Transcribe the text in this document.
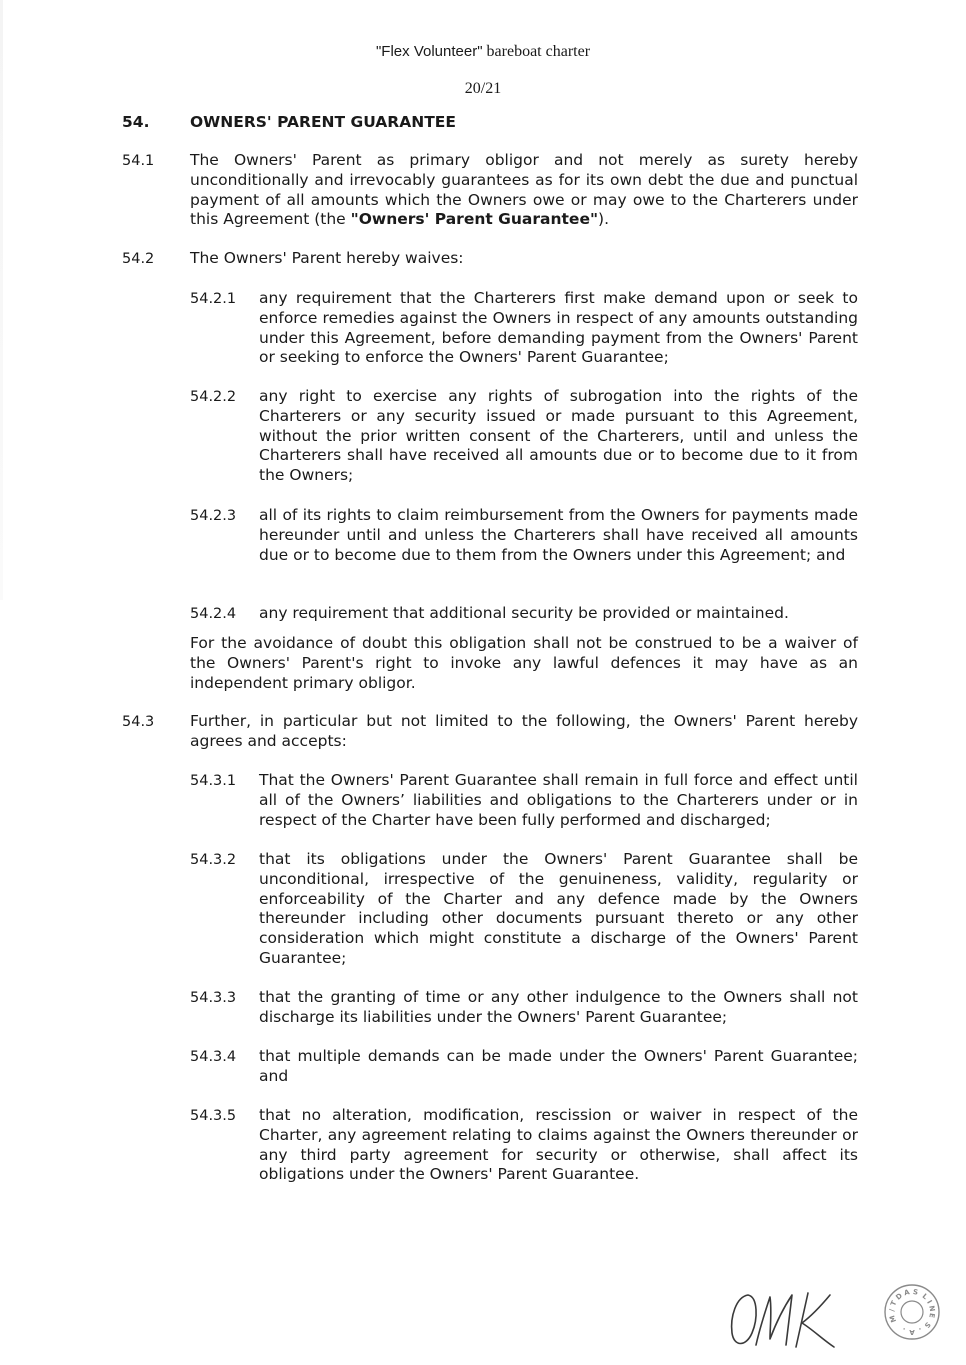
"Flex Volunteer" bareboat charter
20/21
54.	OWNERS' PARENT GUARANTEE
54.1 The Owners' Parent as primary obligor and not merely as surety hereby unconditionally and irrevocably guarantees as for its own debt the due and punctual payment of all amounts which the Owners owe or may owe to the Charterers under this Agreement (the "Owners' Parent Guarantee").
54.2 The Owners' Parent hereby waives:
54.2.1 any requirement that the Charterers first make demand upon or seek to enforce remedies against the Owners in respect of any amounts outstanding under this Agreement, before demanding payment from the Owners' Parent or seeking to enforce the Owners' Parent Guarantee;
54.2.2 any right to exercise any rights of subrogation into the rights of the Charterers or any security issued or made pursuant to this Agreement, without the prior written consent of the Charterers, until and unless the Charterers shall have received all amounts due or to become due to it from the Owners;
54.2.3 all of its rights to claim reimbursement from the Owners for payments made hereunder until and unless the Charterers shall have received all amounts due or to become due to them from the Owners under this Agreement; and
54.2.4 any requirement that additional security be provided or maintained.
For the avoidance of doubt this obligation shall not be construed to be a waiver of the Owners' Parent's right to invoke any lawful defences it may have as an independent primary obligor.
54.3 Further, in particular but not limited to the following, the Owners' Parent hereby agrees and accepts:
54.3.1 That the Owners' Parent Guarantee shall remain in full force and effect until all of the Owners’ liabilities and obligations to the Charterers under or in respect of the Charter have been fully performed and discharged;
54.3.2 that its obligations under the Owners' Parent Guarantee shall be unconditional, irrespective of the genuineness, validity, regularity or enforceability of the Charter and any defence made by the Owners thereunder including other documents pursuant thereto or any other consideration which might constitute a discharge of the Owners' Parent Guarantee;
54.3.3 that the granting of time or any other indulgence to the Owners shall not discharge its liabilities under the Owners' Parent Guarantee;
54.3.4 that multiple demands can be made under the Owners' Parent Guarantee; and
54.3.5 that no alteration, modification, rescission or waiver in respect of the Charter, any agreement relating to claims against the Owners thereunder or any third party agreement for security or otherwise, shall affect its obligations under the Owners' Parent Guarantee.
D A S L
I
N
E
S
.
A
.
M
/
T
